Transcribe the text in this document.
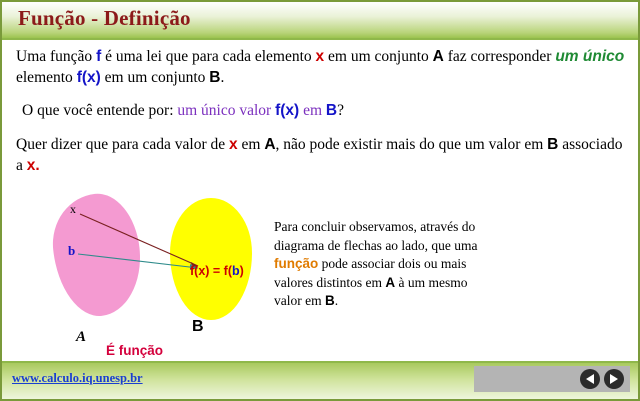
Função - Definição
Uma função f é uma lei que para cada elemento x em um conjunto A faz corresponder um único elemento f(x) em um conjunto B.
O que você entende por: um único valor f(x) em B?
Quer dizer que para cada valor de x em A, não pode existir mais do que um valor em B associado a x.
x
b
f(x) = f(b)
A
B
É função
Para concluir observamos, através do diagrama de flechas ao lado, que uma função pode associar dois ou mais valores distintos em A à um mesmo valor em B.
www.calculo.iq.unesp.br
